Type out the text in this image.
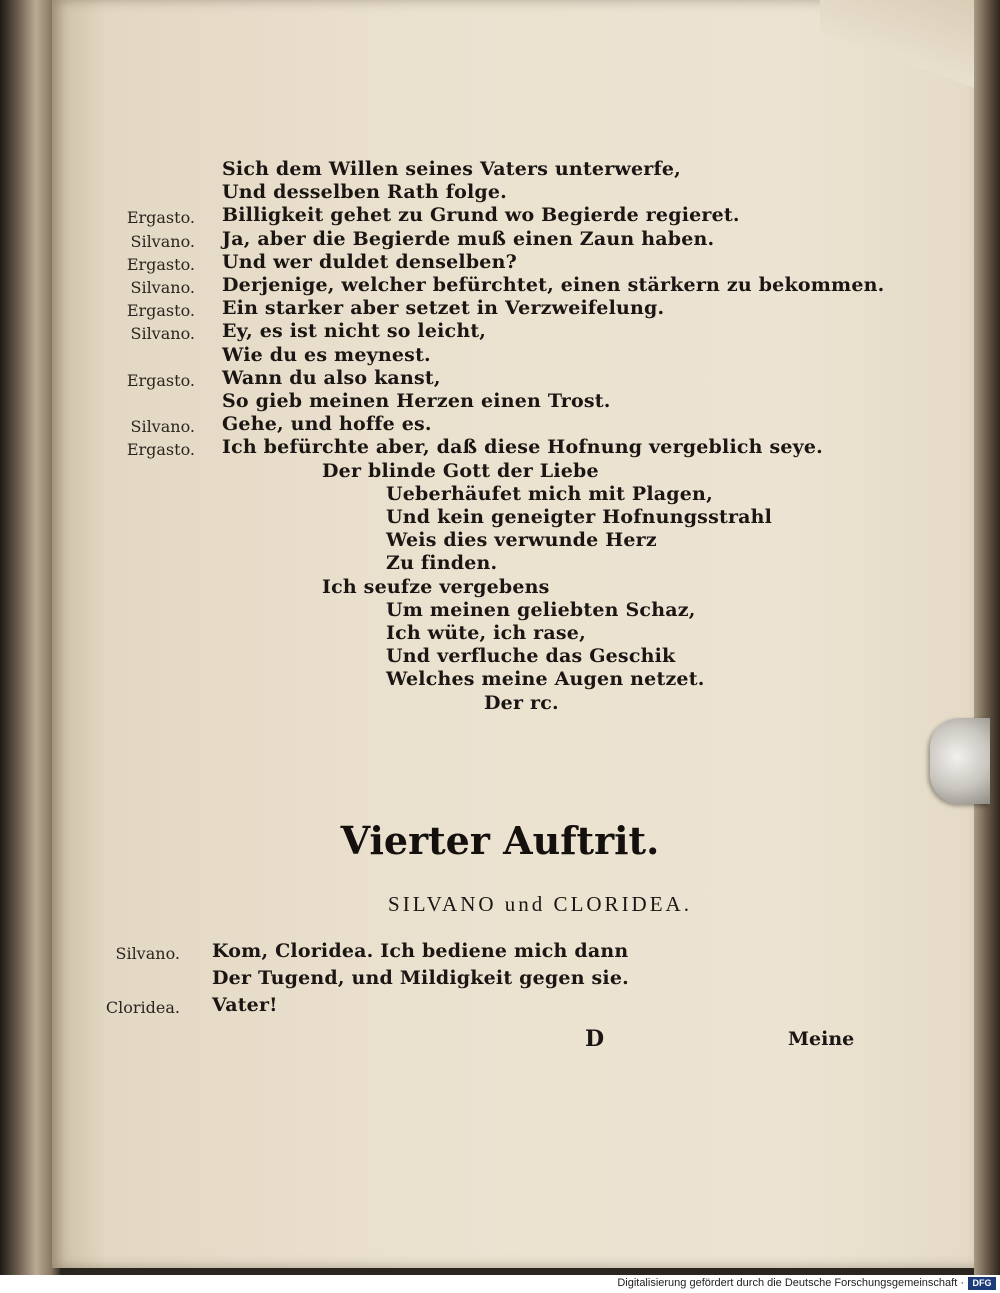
Sich dem Willen seines Vaters unterwerfe,
Und desselben Rath folge.
Ergasto. Billigkeit gehet zu Grund wo Begierde regieret.
Silvano. Ja, aber die Begierde muß einen Zaun haben.
Ergasto. Und wer duldet denselben?
Silvano. Derjenige, welcher befürchtet, einen stärkern zu bekommen.
Ergasto. Ein starker aber setzet in Verzweifelung.
Silvano. Ey, es ist nicht so leicht,
Wie du es meynest.
Ergasto. Wann du also kanst,
So gieb meinen Herzen einen Trost.
Silvano. Gehe, und hoffe es.
Ergasto. Ich befürchte aber, daß diese Hofnung vergeblich seye.
Der blinde Gott der Liebe
Ueberhäufet mich mit Plagen,
Und kein geneigter Hofnungsstrahl
Weis dies verwunde Herz
Zu finden.
Ich seufze vergebens
Um meinen geliebten Schaz,
Ich wüte, ich rase,
Und verfluche das Geschik
Welches meine Augen netzet.
Der rc.
Vierter Auftrit.
SILVANO und CLORIDEA.
Silvano. Kom, Cloridea. Ich bediene mich dann
Der Tugend, und Mildigkeit gegen sie.
Cloridea. Vater!
D	Meine
Digitalisierung gefördert durch die Deutsche Forschungsgemeinschaft · DFG
